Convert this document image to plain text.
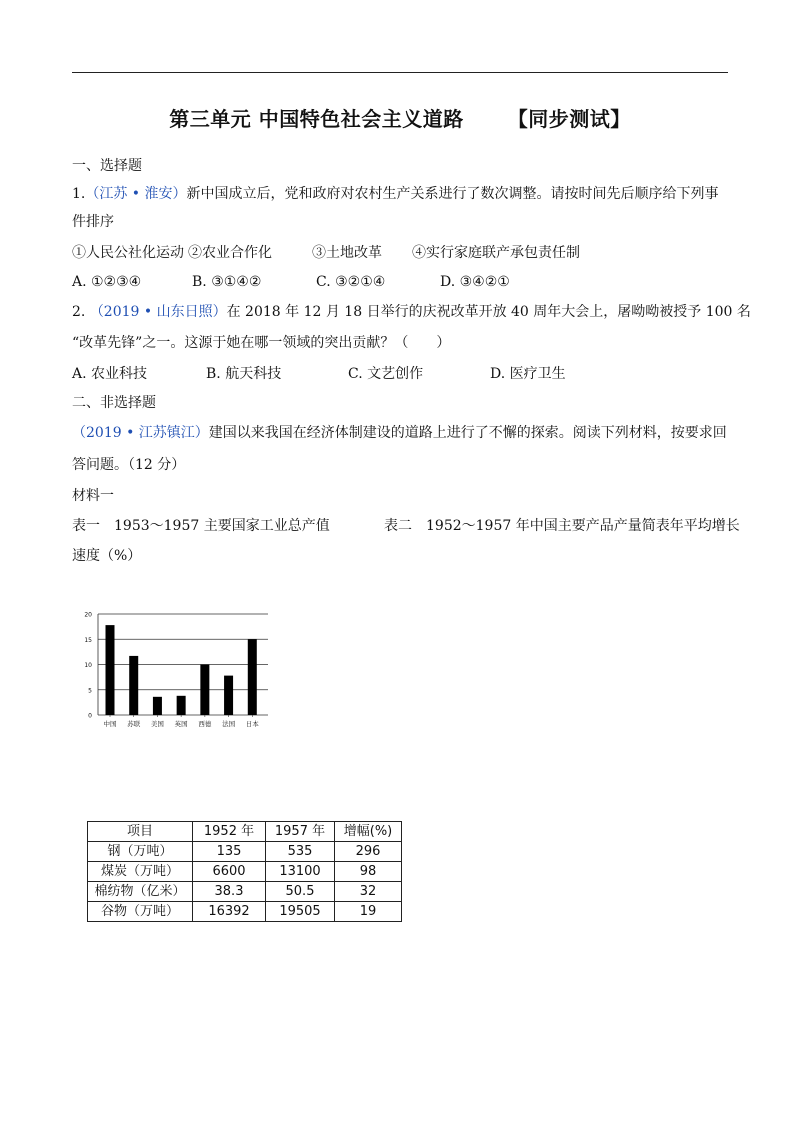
第三单元 中国特色社会主义道路 【同步测试】
一、选择题
1.（江苏 • 淮安）新中国成立后，党和政府对农村生产关系进行了数次调整。请按时间先后顺序给下列事
件排序
①人民公社化运动 ②农业合作化	③土地改革 ④实行家庭联产承包责任制
A. ①②③④	B. ③①④②	C. ③②①④	D. ③④②①
2. （2019 • 山东日照）在 2018 年 12 月 18 日举行的庆祝改革开放 40 周年大会上，屠呦呦被授予 100 名
“改革先锋”之一。这源于她在哪一领域的突出贡献？（　　）
A. 农业科技	B. 航天科技	C. 文艺创作	D. 医疗卫生
二、非选择题
（2019 • 江苏镇江）建国以来我国在经济体制建设的道路上进行了不懈的探索。阅读下列材料，按要求回
答问题。（12 分）
材料一
表一　1953～1957 主要国家工业总产值	表二　1952～1957 年中国主要产品产量简表年平均增长
速度（%）
0
5
10
15
20
中国 苏联 美国 英国 西德 法国 日本
项目	1952 年	1957 年	增幅(%)
钢（万吨）	135	535	296
煤炭（万吨）	6600	13100	98
棉纺物（亿米）	38.3	50.5	32
谷物（万吨）	16392	19505	19
